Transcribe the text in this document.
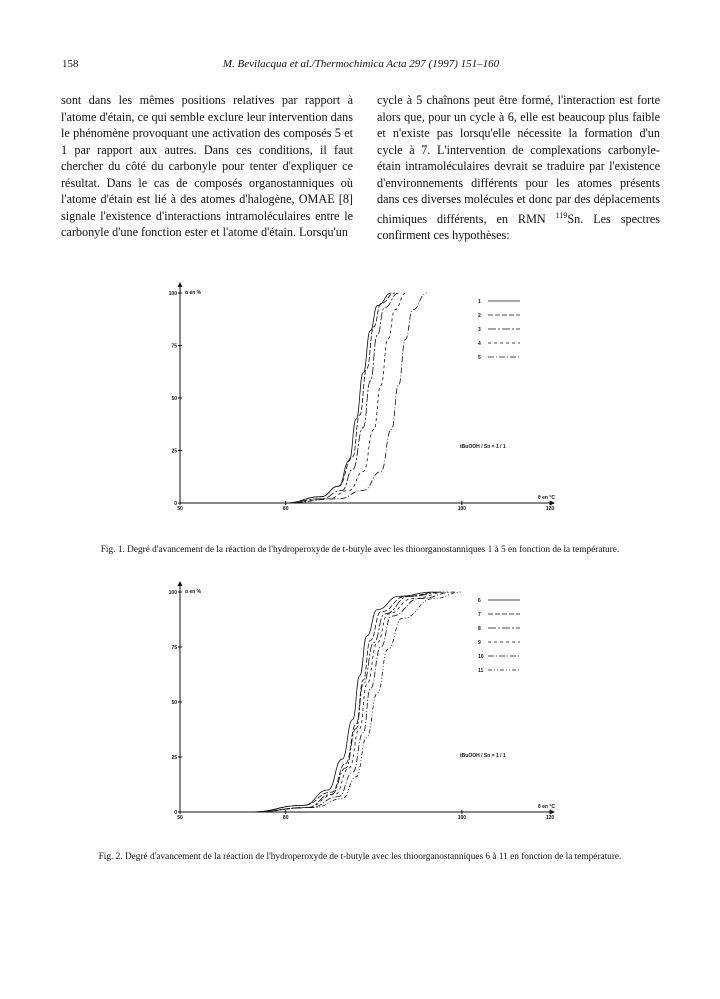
158	M. Bevilacqua et al./Thermochimica Acta 297 (1997) 151–160

sont dans les mêmes positions relatives par rapport à l'atome d'étain, ce qui semble exclure leur intervention dans le phénomène provoquant une activation des composés 5 et 1 par rapport aux autres. Dans ces conditions, il faut chercher du côté du carbonyle pour tenter d'expliquer ce résultat. Dans le cas de composés organostanniques où l'atome d'étain est lié à des atomes d'halogène, OMAE [8] signale l'existence d'interactions intramoléculaires entre le carbonyle d'une fonction ester et l'atome d'étain. Lorsqu'un

cycle à 5 chaînons peut être formé, l'interaction est forte alors que, pour un cycle à 6, elle est beaucoup plus faible et n'existe pas lorsqu'elle nécessite la formation d'un cycle à 7. L'intervention de complexations carbonyle-étain intramoléculaires devrait se traduire par l'existence d'environnements différents pour les atomes présents dans ces diverses molécules et donc par des déplacements chimiques différents, en RMN $^{119}$Sn. Les spectres confirment ces hypothèses:

100
75
50
25
0
50	80	100	120
α en %
θ en °C
tBuOOH / Sn = 1 / 1
1
2
3
4
5
Fig. 1. Degré d'avancement de la réaction de l'hydroperoxyde de t-butyle avec les thioorganostanniques 1 à 5 en fonction de la température.
100
75
50
25
0
50	80	100	120
α en %
θ en °C
tBuOOH / Sn = 1 / 1
6
7
8
9
10
11
Fig. 2. Degré d'avancement de la réaction de l'hydroperoxyde de t-butyle avec les thioorganostanniques 6 à 11 en fonction de la température.
